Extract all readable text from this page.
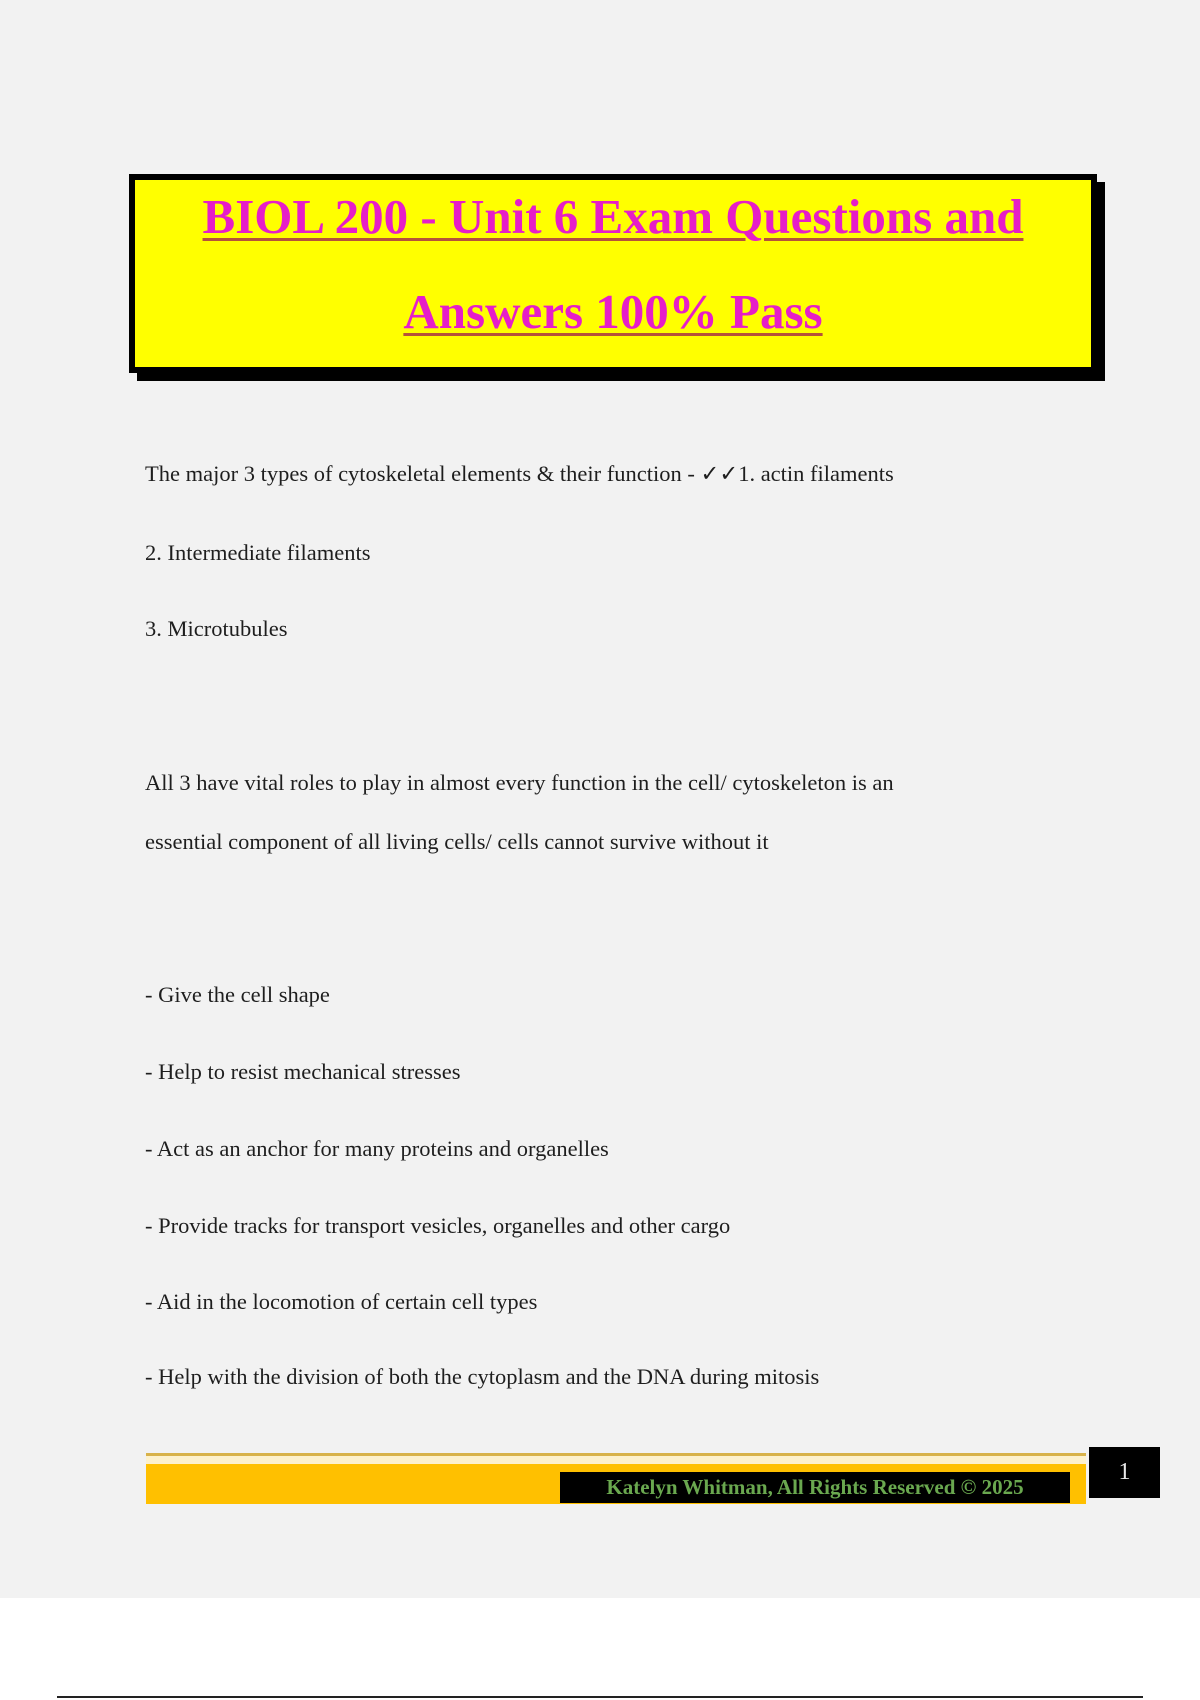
BIOL 200 - Unit 6 Exam Questions and
Answers 100% Pass
The major 3 types of cytoskeletal elements & their function - ✓✓1. actin filaments
2. Intermediate filaments
3. Microtubules
All 3 have vital roles to play in almost every function in the cell/ cytoskeleton is an
essential component of all living cells/ cells cannot survive without it
- Give the cell shape
- Help to resist mechanical stresses
- Act as an anchor for many proteins and organelles
- Provide tracks for transport vesicles, organelles and other cargo
- Aid in the locomotion of certain cell types
- Help with the division of both the cytoplasm and the DNA during mitosis
Katelyn Whitman, All Rights Reserved © 2025
1
